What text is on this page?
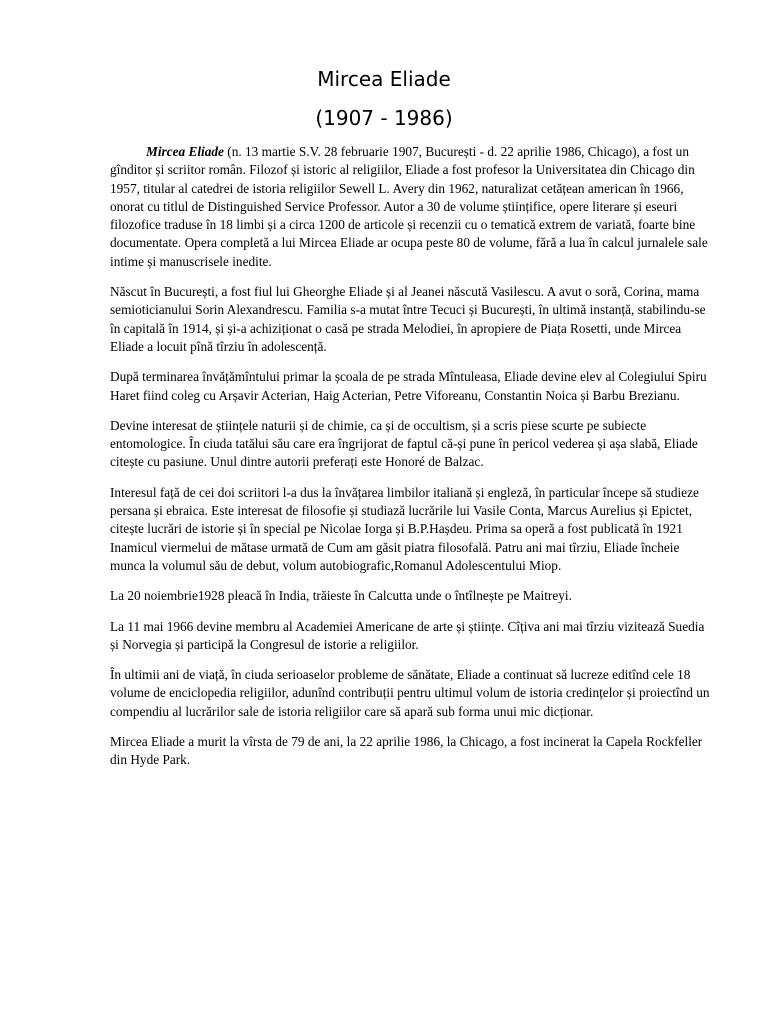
Mircea Eliade
(1907 - 1986)

Mircea Eliade (n. 13 martie S.V. 28 februarie 1907, București - d. 22 aprilie 1986, Chicago), a fost un gînditor și scriitor român. Filozof și istoric al religiilor, Eliade a fost profesor la Universitatea din Chicago din 1957, titular al catedrei de istoria religiilor Sewell L. Avery din 1962, naturalizat cetățean american în 1966, onorat cu titlul de Distinguished Service Professor. Autor a 30 de volume științifice, opere literare și eseuri filozofice traduse în 18 limbi și a circa 1200 de articole și recenzii cu o tematică extrem de variată, foarte bine documentate. Opera completă a lui Mircea Eliade ar ocupa peste 80 de volume, fără a lua în calcul jurnalele sale intime și manuscrisele inedite.

Născut în București, a fost fiul lui Gheorghe Eliade și al Jeanei născută Vasilescu. A avut o soră, Corina, mama semioticianului Sorin Alexandrescu. Familia s-a mutat între Tecuci și București, în ultimă instanță, stabilindu-se în capitală în 1914, și și-a achiziționat o casă pe strada Melodiei, în apropiere de Piața Rosetti, unde Mircea Eliade a locuit pînă tîrziu în adolescență.

După terminarea învățămîntului primar la școala de pe strada Mîntuleasa, Eliade devine elev al Colegiului Spiru Haret fiind coleg cu Arșavir Acterian, Haig Acterian, Petre Viforeanu, Constantin Noica și Barbu Brezianu.

Devine interesat de științele naturii și de chimie, ca și de occultism, și a scris piese scurte pe subiecte entomologice. În ciuda tatălui său care era îngrijorat de faptul că-și pune în pericol vederea și așa slabă, Eliade citește cu pasiune. Unul dintre autorii preferați este Honoré de Balzac.

Interesul față de cei doi scriitori l-a dus la învățarea limbilor italiană și engleză, în particular începe să studieze persana și ebraica. Este interesat de filosofie și studiază lucrările lui Vasile Conta, Marcus Aurelius și Epictet, citește lucrări de istorie și în special pe Nicolae Iorga și B.P.Hașdeu. Prima sa operă a fost publicată în 1921 Inamicul viermelui de mătase urmată de Cum am găsit piatra filosofală. Patru ani mai tîrziu, Eliade încheie munca la volumul său de debut, volum autobiografic,Romanul Adolescentului Miop.

La 20 noiembrie1928 pleacă în India, trăieste în Calcutta unde o întîlnește pe Maitreyi.

La 11 mai 1966 devine membru al Academiei Americane de arte și științe. Cîțiva ani mai tîrziu vizitează Suedia și Norvegia și participă la Congresul de istorie a religiilor.

În ultimii ani de viață, în ciuda serioaselor probleme de sănătate, Eliade a continuat să lucreze editînd cele 18 volume de enciclopedia religiilor, adunînd contribuții pentru ultimul volum de istoria credințelor și proiectînd un compendiu al lucrărilor sale de istoria religiilor care să apară sub forma unui mic dicționar.

Mircea Eliade a murit la vîrsta de 79 de ani, la 22 aprilie 1986, la Chicago, a fost incinerat la Capela Rockfeller din Hyde Park.
